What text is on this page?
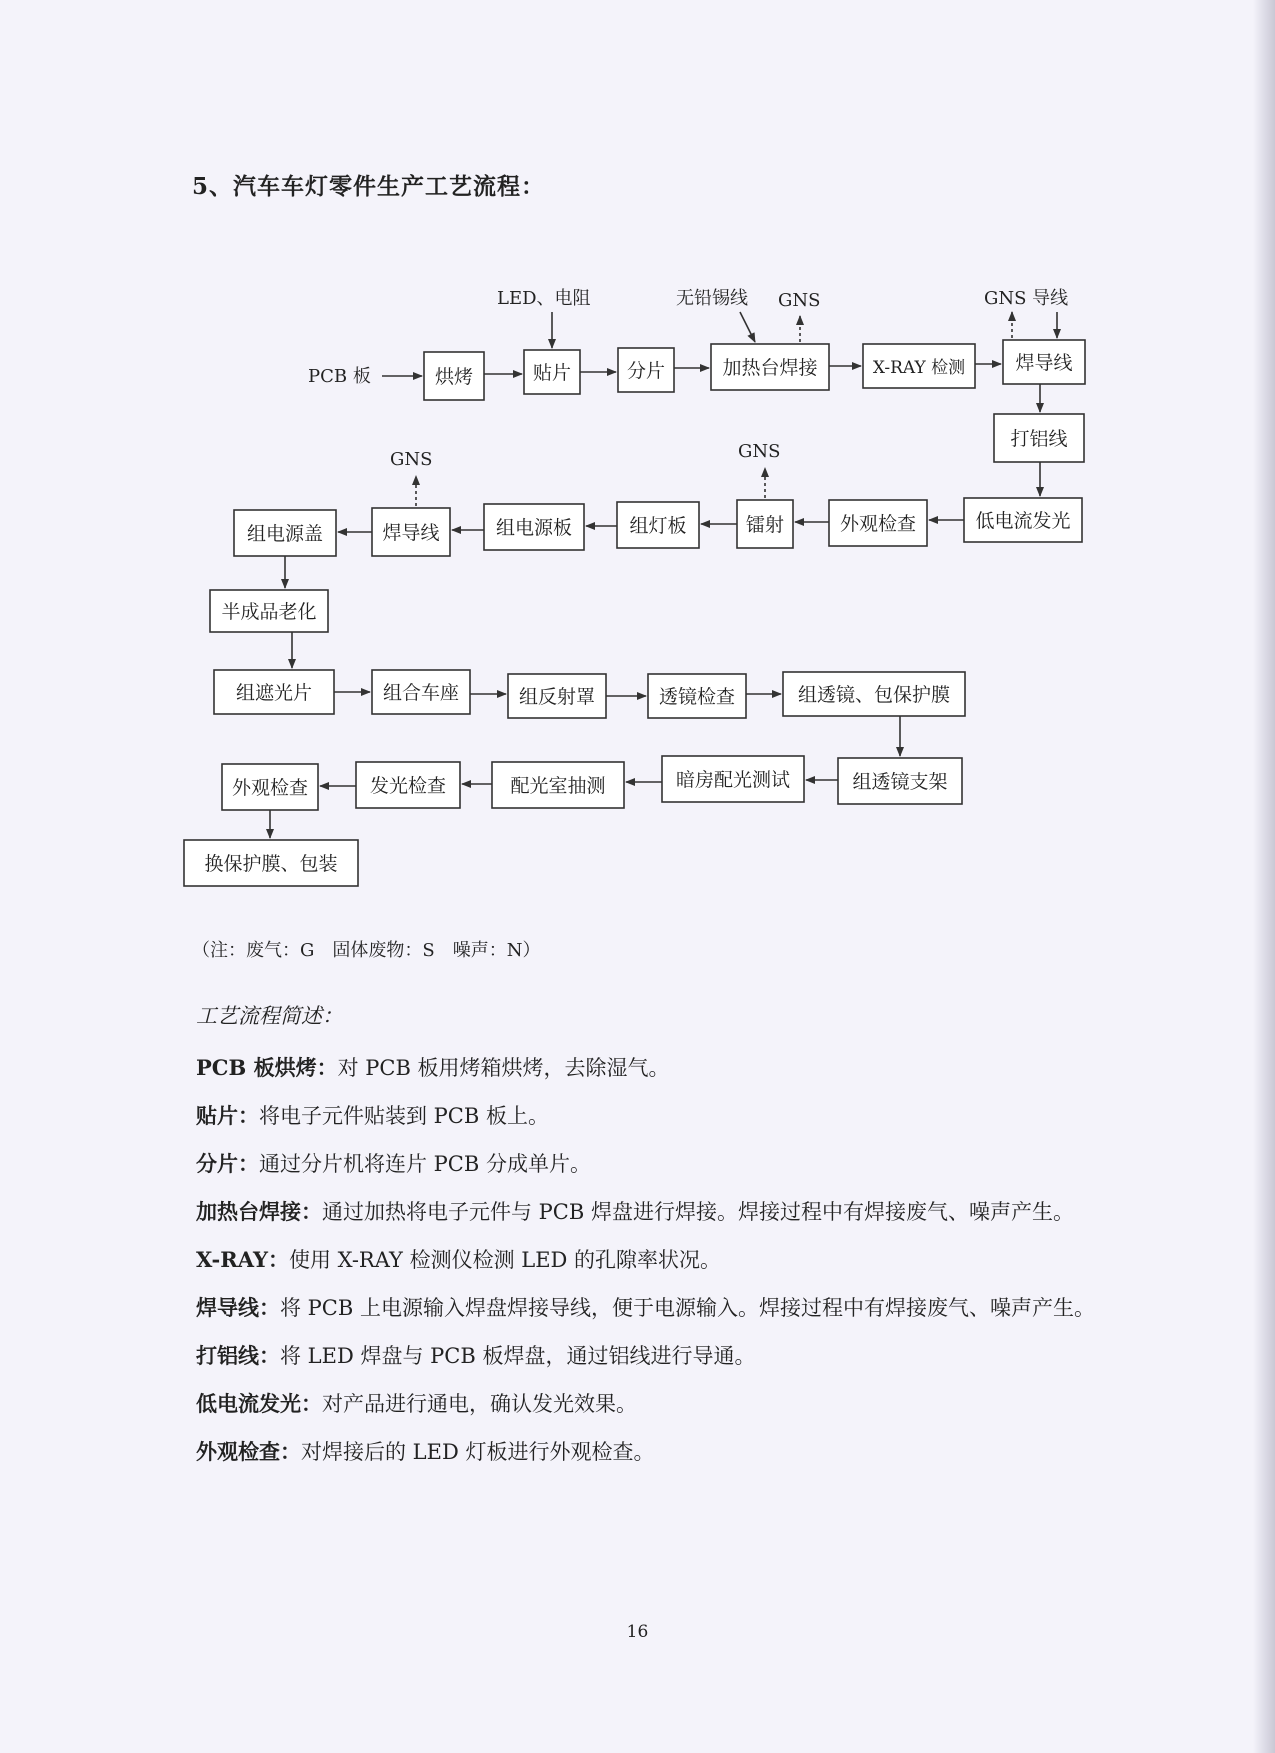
5、汽车车灯零件生产工艺流程：
PCB 板
LED、电阻	无铅锡线	GNS 导线
GNS
GNS	GNS
烘烤	贴片	分片	加热台焊接	X-RAY 检测	焊导线
打铝线
低电流发光
外观检查
镭射
组灯板
组电源板
焊导线
组电源盖
半成品老化
组遮光片	组合车座	组反射罩	透镜检查	组透镜、包保护膜
组透镜支架
暗房配光测试
配光室抽测
发光检查
外观检查
换保护膜、包装
（注：废气：G　固体废物：S　噪声：N）
工艺流程简述：

PCB 板烘烤：对 PCB 板用烤箱烘烤，去除湿气。

贴片：将电子元件贴装到 PCB 板上。

分片：通过分片机将连片 PCB 分成单片。

加热台焊接：通过加热将电子元件与 PCB 焊盘进行焊接。焊接过程中有焊接废气、噪声产生。

X-RAY：使用 X-RAY 检测仪检测 LED 的孔隙率状况。

焊导线：将 PCB 上电源输入焊盘焊接导线，便于电源输入。焊接过程中有焊接废气、噪声产生。

打铝线：将 LED 焊盘与 PCB 板焊盘，通过铝线进行导通。

低电流发光：对产品进行通电，确认发光效果。

外观检查：对焊接后的 LED 灯板进行外观检查。

16
